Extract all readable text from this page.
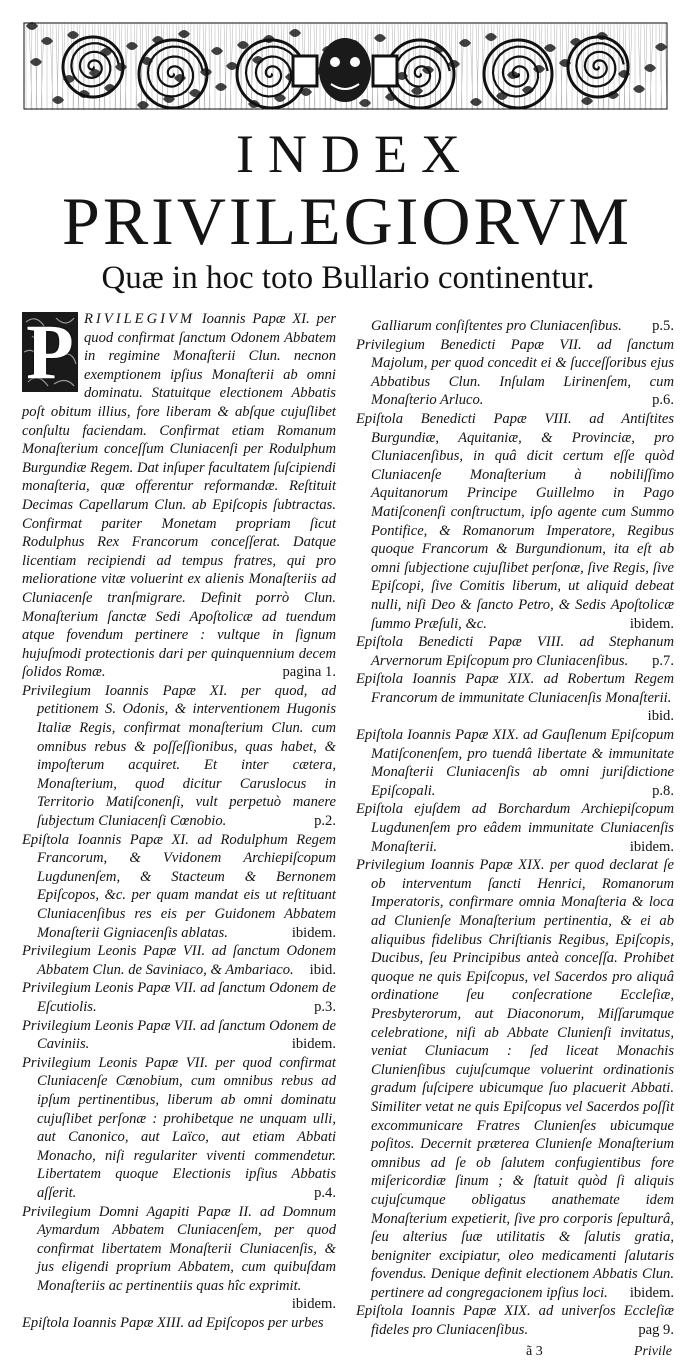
INDEX
PRIVILEGIORVM
Quæ in hoc toto Bullario continentur.

P RIVILEGIVM Ioannis Papæ XI. per quod confirmat ſanctum Odonem Abbatem in regimine Monaſterii Clun. necnon exemptionem ipſius Monaſterii ab omni dominatu. Statuitque electionem Abbatis poſt obitum illius, fore liberam & abſque cujuſlibet conſultu faciendam. Confirmat etiam Romanum Monaſterium conceſſum Cluniacenſi per Rodulphum Burgundiæ Regem. Dat inſuper facultatem ſuſcipiendi monaſteria, quæ offerentur reformandæ. Reſtituit Decimas Capellarum Clun. ab Epiſcopis ſubtractas. Confirmat pariter Monetam propriam ſicut Rodulphus Rex Francorum conceſſerat. Datque licentiam recipiendi ad tempus fratres, qui pro melioratione vitæ voluerint ex alienis Monaſteriis ad Cluniacenſe tranſmigrare. Definit porrò Clun. Monaſterium ſanctæ Sedi Apoſtolicæ ad tuendum atque fovendum pertinere : vultque in ſignum hujuſmodi protectionis dari per quinquennium decem ſolidos Romæ.	pagina 1.

Privilegium Ioannis Papæ XI. per quod, ad petitionem S. Odonis, & interventionem Hugonis Italiæ Regis, confirmat monaſterium Clun. cum omnibus rebus & poſſeſſionibus, quas habet, & impoſterum acquiret. Et inter cætera, Monaſterium, quod dicitur Caruslocus in Territorio Matiſconenſi, vult perpetuò manere ſubjectum Cluniacenſi Cœnobio.	p.2.

Epiſtola Ioannis Papæ XI. ad Rodulphum Regem Francorum, & Vvidonem Archiepiſcopum Lugdunenſem, & Stacteum & Bernonem Epiſcopos, &c. per quam mandat eis ut reſtituant Cluniacenſibus res eis per Guidonem Abbatem Monaſterii Gigniacenſis ablatas.	ibidem.

Privilegium Leonis Papæ VII. ad ſanctum Odonem Abbatem Clun. de Saviniaco, & Ambariaco.	ibid.

Privilegium Leonis Papæ VII. ad ſanctum Odonem de Eſcutiolis.	p.3.

Privilegium Leonis Papæ VII. ad ſanctum Odonem de Caviniis.	ibidem.

Privilegium Leonis Papæ VII. per quod confirmat Cluniacenſe Cœnobium, cum omnibus rebus ad ipſum pertinentibus, liberum ab omni dominatu cujuſlibet perſonæ : prohibetque ne unquam ulli, aut Canonico, aut Laïco, aut etiam Abbati Monacho, niſi regulariter viventi commendetur. Libertatem quoque Electionis ipſius Abbatis aſſerit.	p.4.

Privilegium Domni Agapiti Papæ II. ad Domnum Aymardum Abbatem Cluniacenſem, per quod confirmat libertatem Monaſterii Cluniacenſis, & jus eligendi proprium Abbatem, cum quibuſdam Monaſteriis ac pertinentiis quas hîc exprimit.
ibidem.

Epiſtola Ioannis Papæ XIII. ad Epiſcopos per urbes

Galliarum conſiſtentes pro Cluniacenſibus.	p.5.

Privilegium Benedicti Papæ VII. ad ſanctum Majolum, per quod concedit ei & ſucceſſoribus ejus Abbatibus Clun. Inſulam Lirinenſem, cum Monaſterio Arluco.	p.6.

Epiſtola Benedicti Papæ VIII. ad Antiſtites Burgundiæ, Aquitaniæ, & Provinciæ, pro Cluniacenſibus, in quâ dicit certum eſſe quòd Cluniacenſe Monaſterium à nobiliſſimo Aquitanorum Principe Guillelmo in Pago Matiſconenſi conſtructum, ipſo agente cum Summo Pontifice, & Romanorum Imperatore, Regibus quoque Francorum & Burgundionum, ita eſt ab omni ſubjectione cujuſlibet perſonæ, ſive Regis, ſive Epiſcopi, ſive Comitis liberum, ut aliquid debeat nulli, niſi Deo & ſancto Petro, & Sedis Apoſtolicæ ſummo Præſuli, &c.	ibidem.

Epiſtola Benedicti Papæ VIII. ad Stephanum Arvernorum Epiſcopum pro Cluniacenſibus.	p.7.

Epiſtola Ioannis Papæ XIX. ad Robertum Regem Francorum de immunitate Cluniacenſis Monaſterii.
ibid.

Epiſtola Ioannis Papæ XIX. ad Gauſlenum Epiſcopum Matiſconenſem, pro tuendâ libertate & immunitate Monaſterii Cluniacenſis ab omni juriſdictione Epiſcopali.	p.8.

Epiſtola ejuſdem ad Borchardum Archiepiſcopum Lugdunenſem pro eâdem immunitate Cluniacenſis Monaſterii.	ibidem.

Privilegium Ioannis Papæ XIX. per quod declarat ſe ob interventum ſancti Henrici, Romanorum Imperatoris, confirmare omnia Monaſteria & loca ad Clunienſe Monaſterium pertinentia, & ei ab aliquibus fidelibus Chriſtianis Regibus, Epiſcopis, Ducibus, ſeu Principibus anteà conceſſa. Prohibet quoque ne quis Epiſcopus, vel Sacerdos pro aliquâ ordinatione ſeu conſecratione Eccleſiæ, Presbyterorum, aut Diaconorum, Miſſarumque celebratione, niſi ab Abbate Clunienſi invitatus, veniat Cluniacum : ſed liceat Monachis Clunienſibus cujuſcumque voluerint ordinationis gradum ſuſcipere ubicumque ſuo placuerit Abbati. Similiter vetat ne quis Epiſcopus vel Sacerdos poſſit excommunicare Fratres Clunienſes ubicumque poſitos. Decernit præterea Clunienſe Monaſterium omnibus ad ſe ob ſalutem confugientibus fore miſericordiæ ſinum ; & ſtatuit quòd ſi aliquis cujuſcumque obligatus anathemate idem Monaſterium expetierit, ſive pro corporis ſepulturâ, ſeu alterius ſuæ utilitatis & ſalutis gratia, benigniter excipiatur, oleo medicamenti ſalutaris fovendus. Denique definit electionem Abbatis Clun. pertinere ad congregacionem ipſius loci.	ibidem.

Epiſtola Ioannis Papæ XIX. ad univerſos Eccleſiæ fideles pro Cluniacenſibus.	pag 9.

ã 3	Privile
